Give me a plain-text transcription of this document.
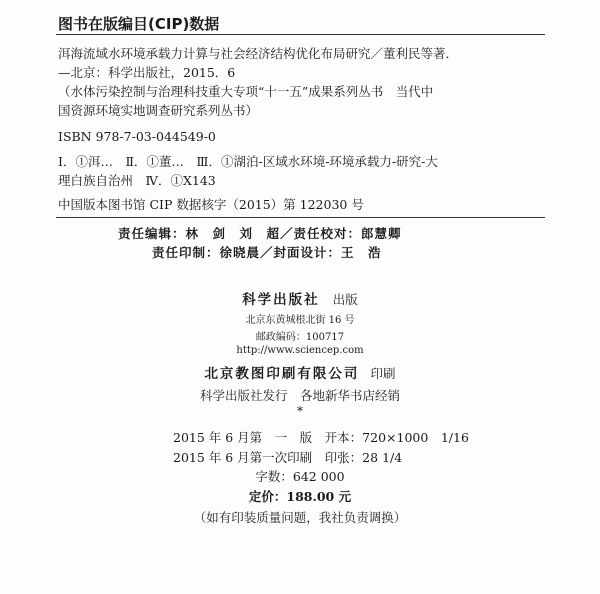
图书在版编目(CIP)数据
洱海流域水环境承载力计算与社会经济结构优化布局研究／董利民等著．
—北京：科学出版社，2015．6
（水体污染控制与治理科技重大专项“十一五”成果系列丛书　当代中
国资源环境实地调查研究系列丛书）
ISBN 978-7-03-044549-0
Ⅰ．①洱…　Ⅱ．①董…　Ⅲ．①湖泊-区域水环境-环境承载力-研究-大
理白族自治州　Ⅳ．①X143
中国版本图书馆 CIP 数据核字（2015）第 122030 号
责任编辑：林　剑　刘　超／责任校对：郎慧卿
责任印制：徐晓晨／封面设计：王　浩
科学出版社 出版
北京东黄城根北街 16 号
邮政编码：100717
http://www.sciencep.com
北京教图印刷有限公司 印刷
科学出版社发行　各地新华书店经销
*
2015 年 6 月第　一　版　开本：720×1000　1/16
2015 年 6 月第一次印刷　印张：28 1/4
字数：642 000
定价：188.00 元
（如有印装质量问题，我社负责调换）
